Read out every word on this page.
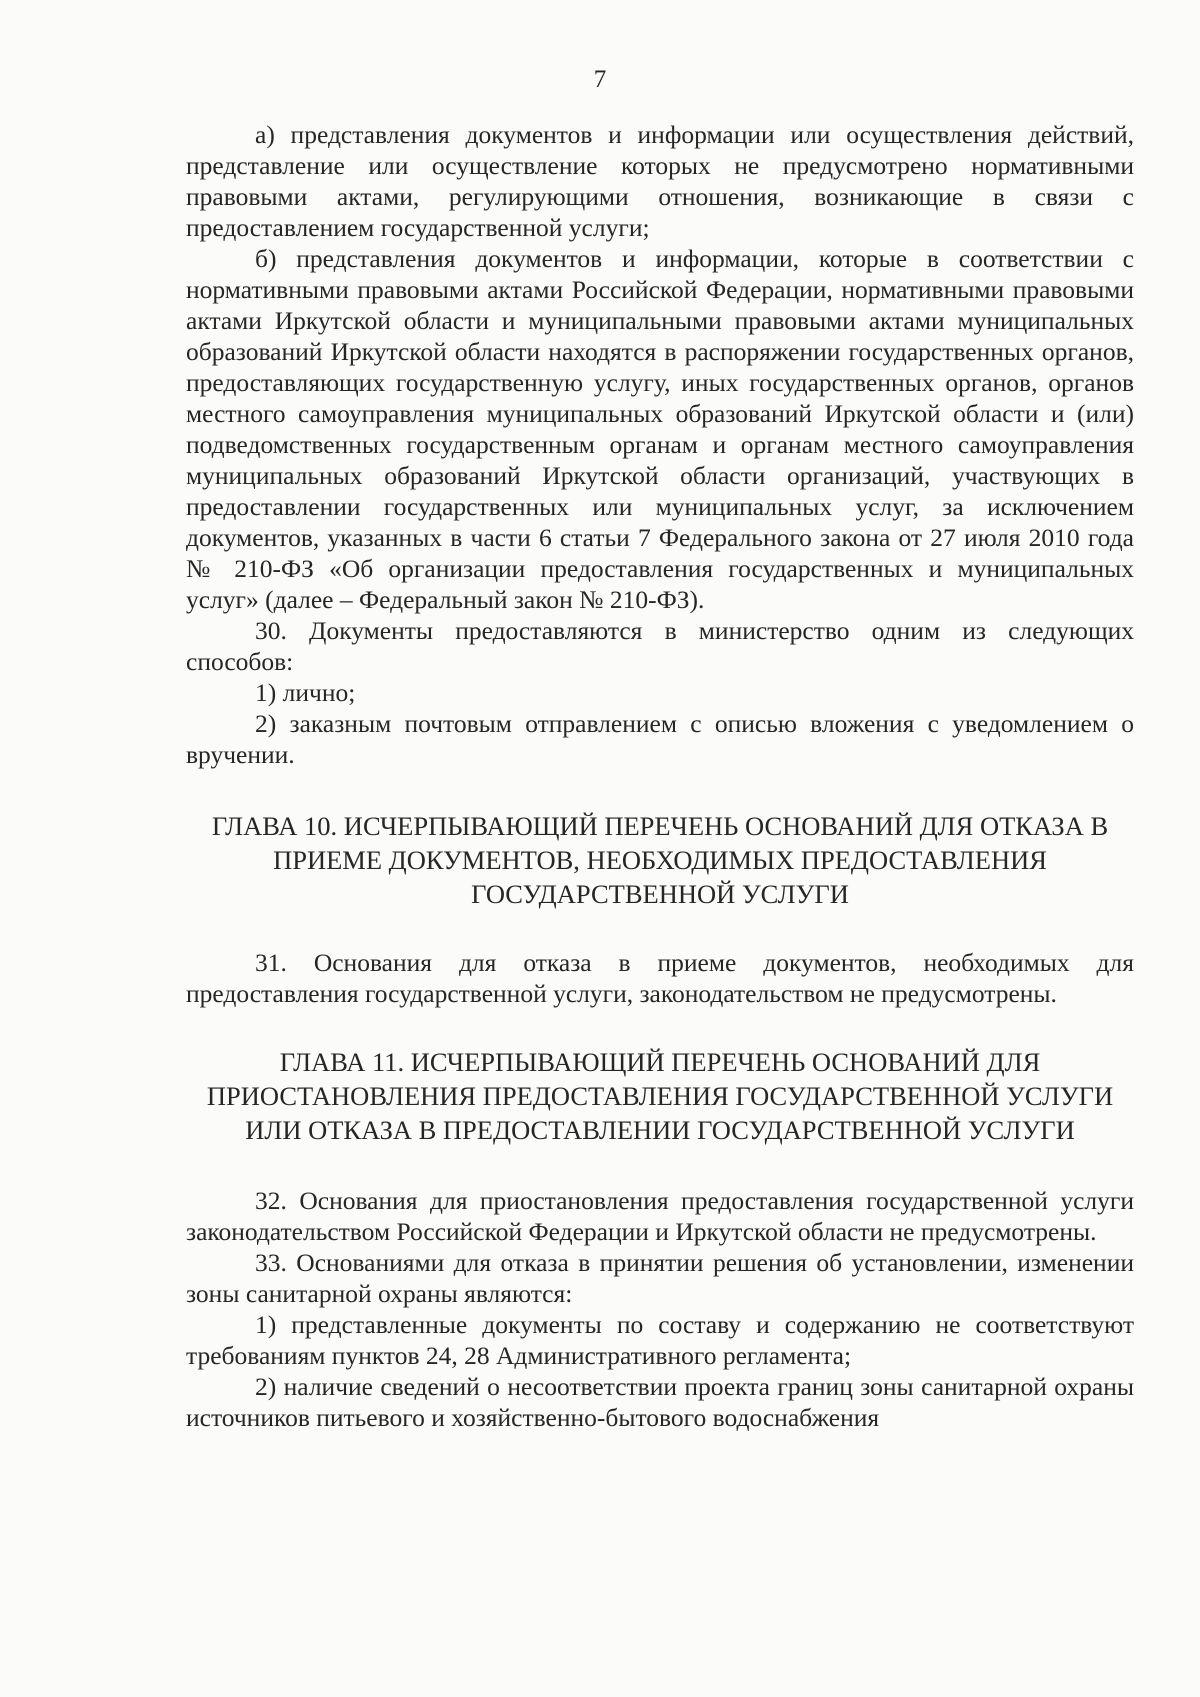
7

а) представления документов и информации или осуществления действий, представление или осуществление которых не предусмотрено нормативными правовыми актами, регулирующими отношения, возникающие в связи с предоставлением государственной услуги;

б) представления документов и информации, которые в соответствии с нормативными правовыми актами Российской Федерации, нормативными правовыми актами Иркутской области и муниципальными правовыми актами муниципальных образований Иркутской области находятся в распоряжении государственных органов, предоставляющих государственную услугу, иных государственных органов, органов местного самоуправления муниципальных образований Иркутской области и (или) подведомственных государственным органам и органам местного самоуправления муниципальных образований Иркутской области организаций, участвующих в предоставлении государственных или муниципальных услуг, за исключением документов, указанных в части 6 статьи 7 Федерального закона от 27 июля 2010 года № 210-ФЗ «Об организации предоставления государственных и муниципальных услуг» (далее – Федеральный закон № 210-ФЗ).

30. Документы предоставляются в министерство одним из следующих способов:

1) лично;

2) заказным почтовым отправлением с описью вложения с уведомлением о вручении.

ГЛАВА 10. ИСЧЕРПЫВАЮЩИЙ ПЕРЕЧЕНЬ ОСНОВАНИЙ ДЛЯ ОТКАЗА В ПРИЕМЕ ДОКУМЕНТОВ, НЕОБХОДИМЫХ ПРЕДОСТАВЛЕНИЯ ГОСУДАРСТВЕННОЙ УСЛУГИ

31. Основания для отказа в приеме документов, необходимых для предоставления государственной услуги, законодательством не предусмотрены.

ГЛАВА 11. ИСЧЕРПЫВАЮЩИЙ ПЕРЕЧЕНЬ ОСНОВАНИЙ ДЛЯ ПРИОСТАНОВЛЕНИЯ ПРЕДОСТАВЛЕНИЯ ГОСУДАРСТВЕННОЙ УСЛУГИ ИЛИ ОТКАЗА В ПРЕДОСТАВЛЕНИИ ГОСУДАРСТВЕННОЙ УСЛУГИ

32. Основания для приостановления предоставления государственной услуги законодательством Российской Федерации и Иркутской области не предусмотрены.

33. Основаниями для отказа в принятии решения об установлении, изменении зоны санитарной охраны являются:

1) представленные документы по составу и содержанию не соответствуют требованиям пунктов 24, 28 Административного регламента;

2) наличие сведений о несоответствии проекта границ зоны санитарной охраны источников питьевого и хозяйственно-бытового водоснабжения
